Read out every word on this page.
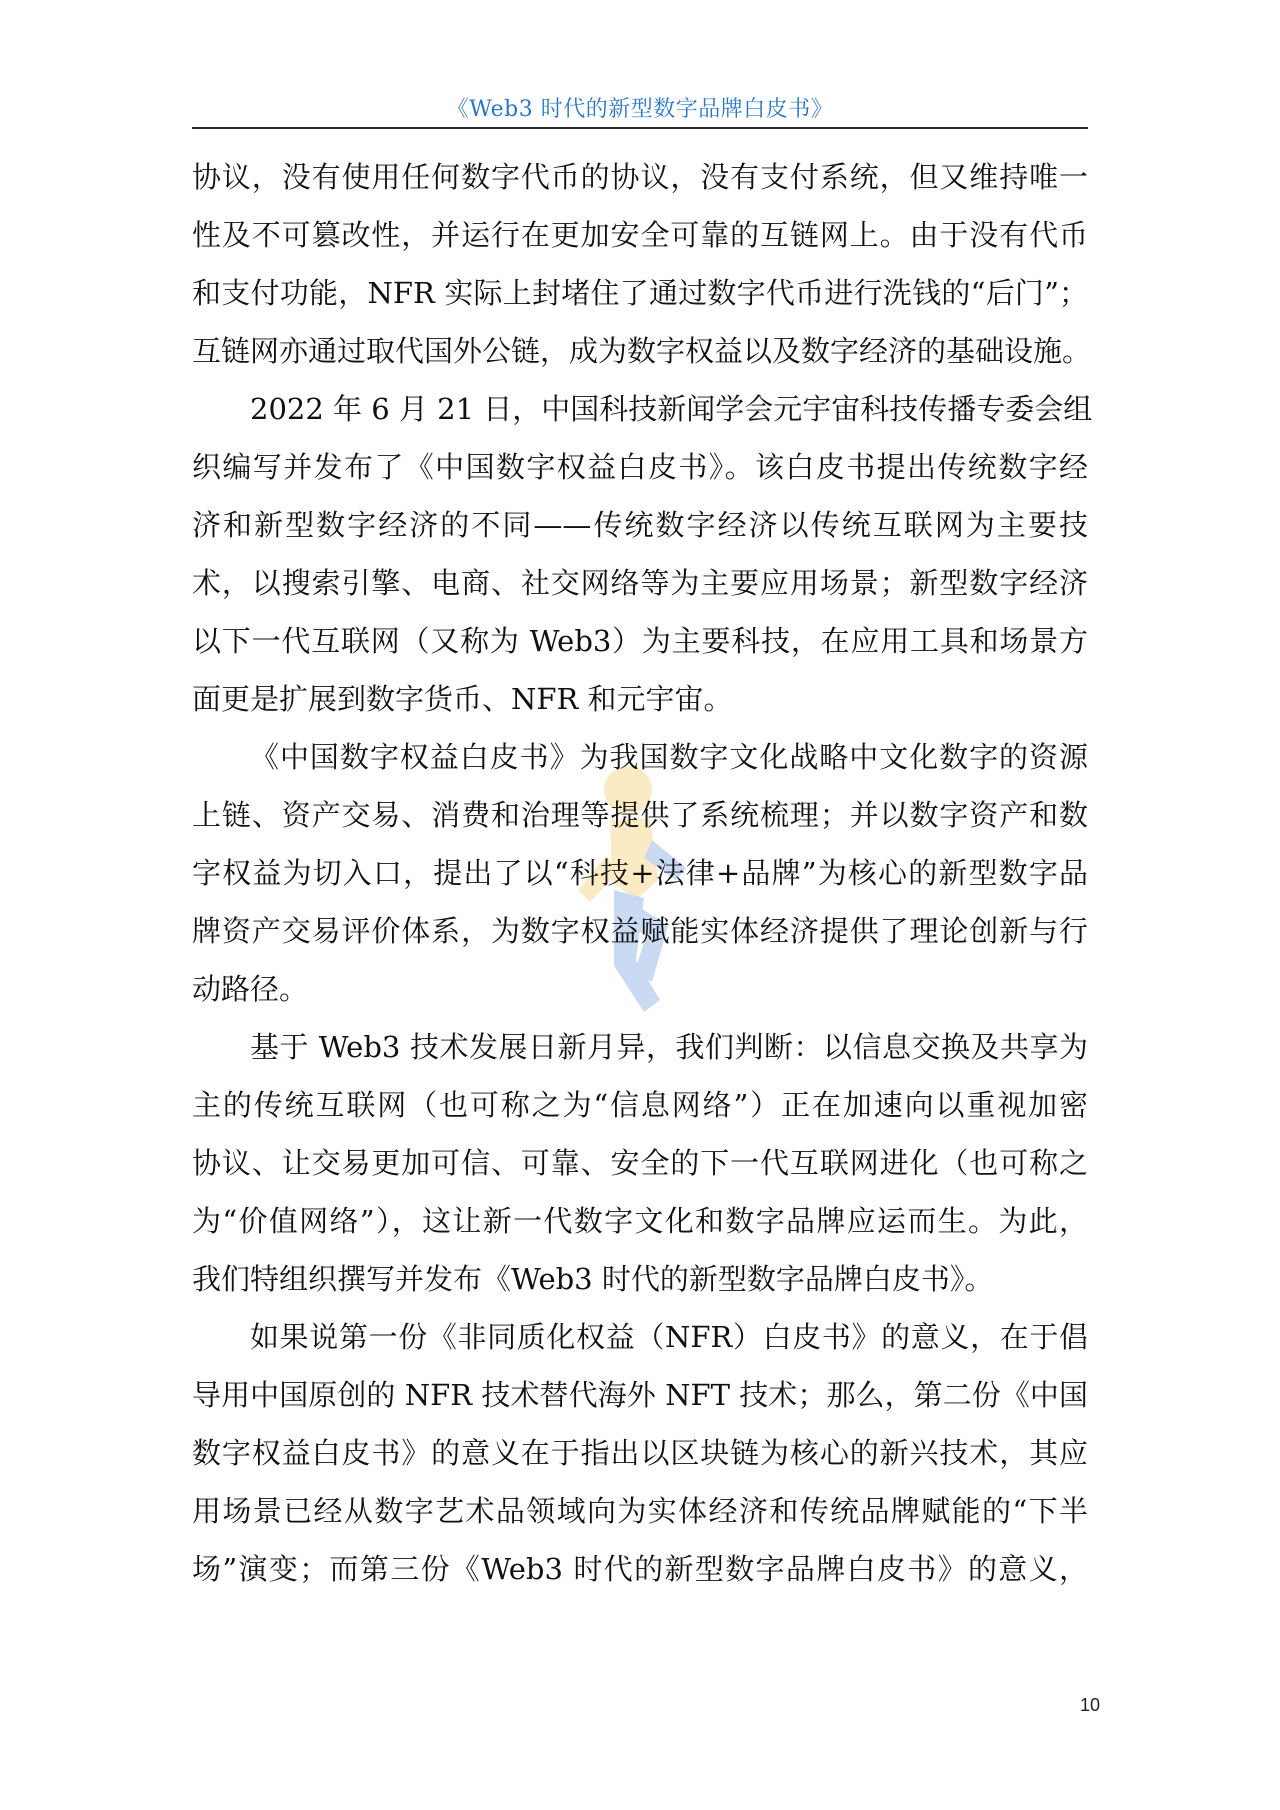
《Web3 时代的新型数字品牌白皮书》
协议，没有使用任何数字代币的协议，没有支付系统，但又维持唯一
性及不可篡改性，并运行在更加安全可靠的互链网上。由于没有代币
和支付功能，NFR 实际上封堵住了通过数字代币进行洗钱的“后门”；
互链网亦通过取代国外公链，成为数字权益以及数字经济的基础设施。
2022 年 6 月 21 日，中国科技新闻学会元宇宙科技传播专委会组
织编写并发布了《中国数字权益白皮书》。该白皮书提出传统数字经
济和新型数字经济的不同——传统数字经济以传统互联网为主要技
术，以搜索引擎、电商、社交网络等为主要应用场景；新型数字经济
以下一代互联网（又称为 Web3）为主要科技，在应用工具和场景方
面更是扩展到数字货币、NFR 和元宇宙。
《中国数字权益白皮书》为我国数字文化战略中文化数字的资源
上链、资产交易、消费和治理等提供了系统梳理；并以数字资产和数
字权益为切入口，提出了以“科技+法律+品牌”为核心的新型数字品
牌资产交易评价体系，为数字权益赋能实体经济提供了理论创新与行
动路径。
基于 Web3 技术发展日新月异，我们判断：以信息交换及共享为
主的传统互联网（也可称之为“信息网络”）正在加速向以重视加密
协议、让交易更加可信、可靠、安全的下一代互联网进化（也可称之
为“价值网络”），这让新一代数字文化和数字品牌应运而生。为此，
我们特组织撰写并发布《Web3 时代的新型数字品牌白皮书》。
如果说第一份《非同质化权益（NFR）白皮书》的意义，在于倡
导用中国原创的 NFR 技术替代海外 NFT 技术；那么，第二份《中国
数字权益白皮书》的意义在于指出以区块链为核心的新兴技术，其应
用场景已经从数字艺术品领域向为实体经济和传统品牌赋能的“下半
场”演变；而第三份《Web3 时代的新型数字品牌白皮书》的意义，
10
